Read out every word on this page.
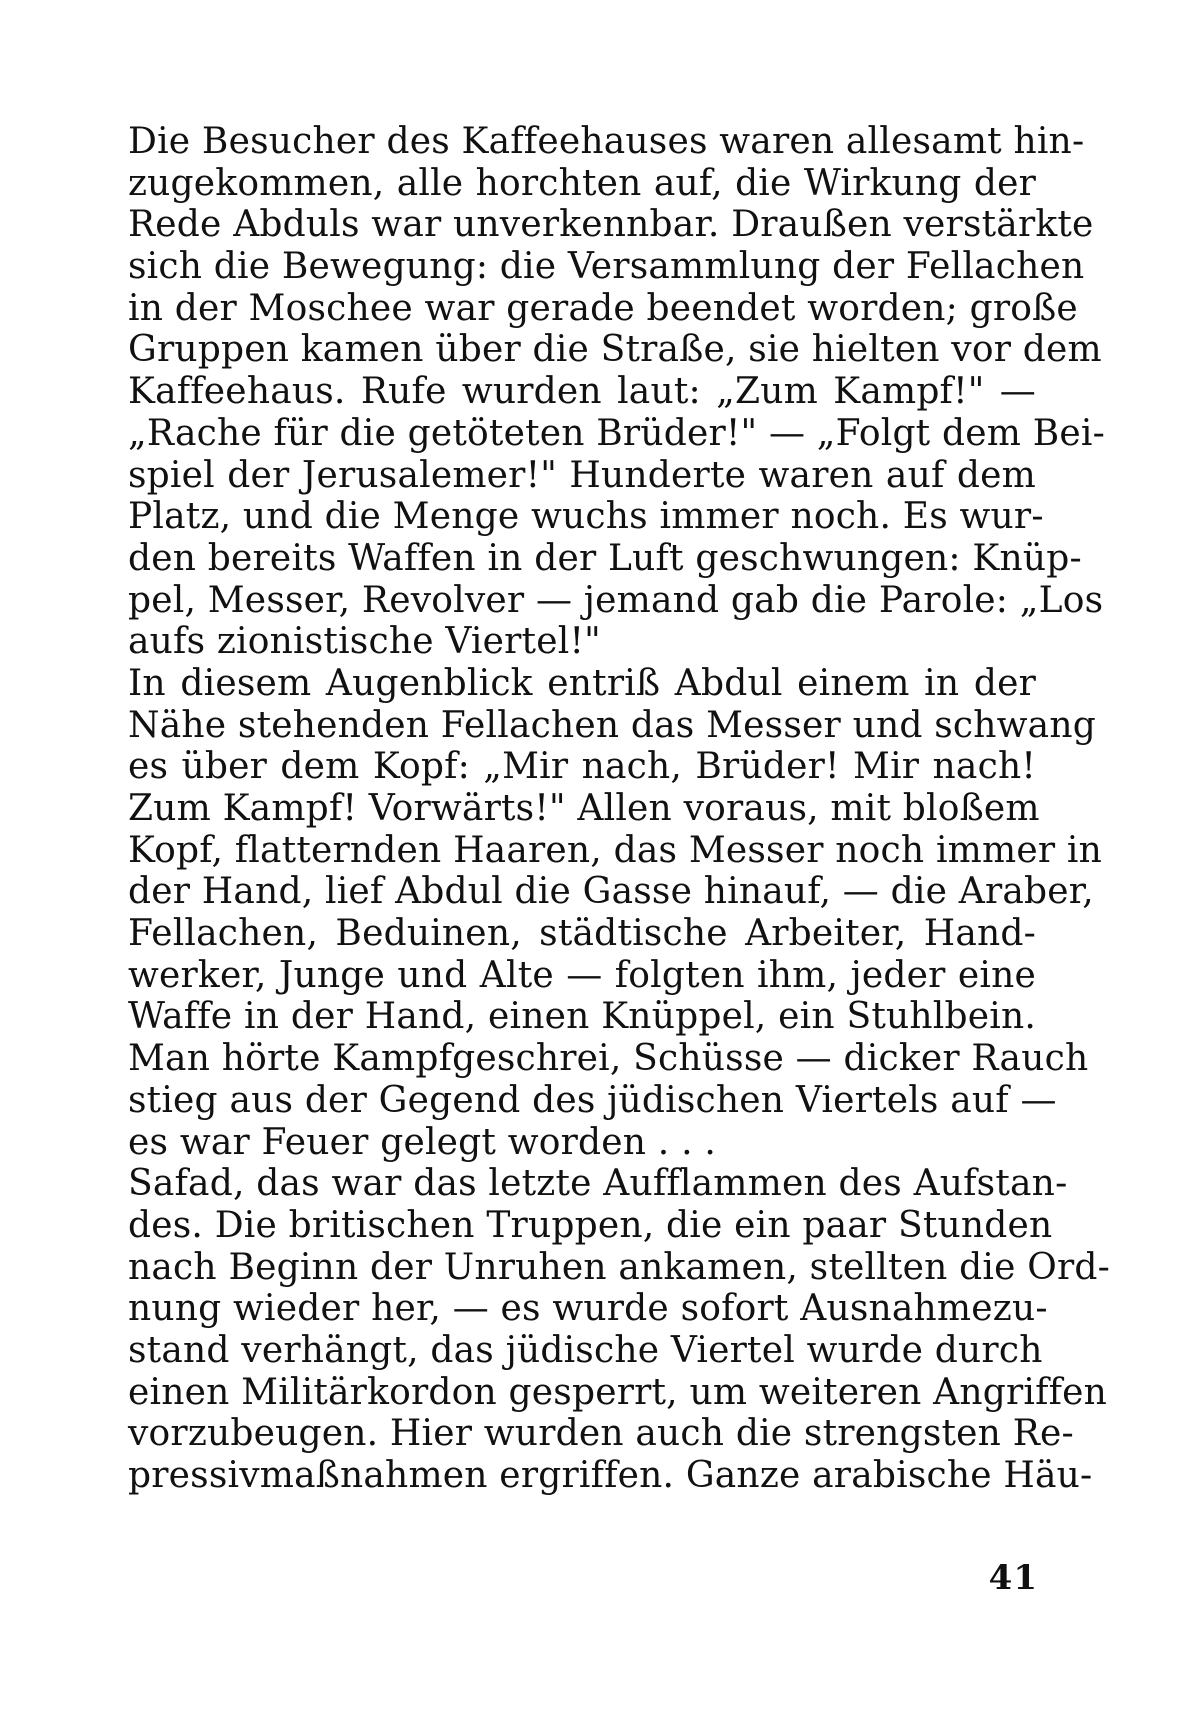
Die Besucher des Kaffeehauses waren allesamt hin-
zugekommen, alle horchten auf, die Wirkung der
Rede Abduls war unverkennbar. Draußen verstärkte
sich die Bewegung: die Versammlung der Fellachen
in der Moschee war gerade beendet worden; große
Gruppen kamen über die Straße, sie hielten vor dem
Kaffeehaus. Rufe wurden laut: „Zum Kampf!" —
„Rache für die getöteten Brüder!" — „Folgt dem Bei-
spiel der Jerusalemer!" Hunderte waren auf dem
Platz, und die Menge wuchs immer noch. Es wur-
den bereits Waffen in der Luft geschwungen: Knüp-
pel, Messer, Revolver — jemand gab die Parole: „Los
aufs zionistische Viertel!"
In diesem Augenblick entriß Abdul einem in der
Nähe stehenden Fellachen das Messer und schwang
es über dem Kopf: „Mir nach, Brüder! Mir nach!
Zum Kampf! Vorwärts!" Allen voraus, mit bloßem
Kopf, flatternden Haaren, das Messer noch immer in
der Hand, lief Abdul die Gasse hinauf, — die Araber,
Fellachen, Beduinen, städtische Arbeiter, Hand-
werker, Junge und Alte — folgten ihm, jeder eine
Waffe in der Hand, einen Knüppel, ein Stuhlbein.
Man hörte Kampfgeschrei, Schüsse — dicker Rauch
stieg aus der Gegend des jüdischen Viertels auf —
es war Feuer gelegt worden . . .
Safad, das war das letzte Aufflammen des Aufstan-
des. Die britischen Truppen, die ein paar Stunden
nach Beginn der Unruhen ankamen, stellten die Ord-
nung wieder her, — es wurde sofort Ausnahmezu-
stand verhängt, das jüdische Viertel wurde durch
einen Militärkordon gesperrt, um weiteren Angriffen
vorzubeugen. Hier wurden auch die strengsten Re-
pressivmaßnahmen ergriffen. Ganze arabische Häu-
41
